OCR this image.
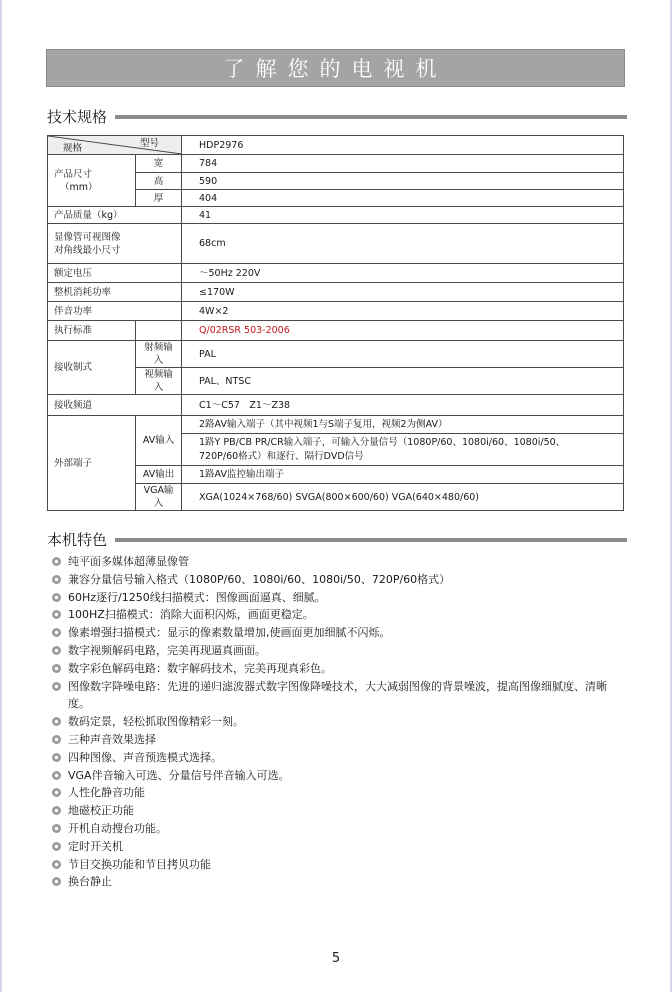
了解您的电视机
技术规格
规格 型号		HDP2976

产品尺寸
（mm）	宽	784
	高	590
	厚	404
产品质量（kg）		41

显像管可视图像
对角线最小尺寸		68cm
额定电压		～50Hz 220V
整机消耗功率		≤170W
伴音功率		4W×2
执行标准		Q/02RSR 503-2006
接收制式	射频输入	PAL
	视频输入	PAL、NTSC
接收频道		C1～C57　Z1～Z38
外部端子	AV输入	2路AV输入端子（其中视频1与S端子复用，视频2为侧AV）
1路Y PB/CB PR/CR输入端子，可输入分量信号（1080P/60、1080i/60、1080i/50、
720P/60格式）和逐行、隔行DVD信号

	AV输出	1路AV监控输出端子
	VGA输入	XGA(1024×768/60) SVGA(800×600/60) VGA(640×480/60)
本机特色
纯平面多媒体超薄显像管
兼容分量信号输入格式（1080P/60、1080i/60、1080i/50、720P/60格式）
60Hz逐行/1250线扫描模式：图像画面逼真、细腻。
100HZ扫描模式：消除大面积闪烁，画面更稳定。
像素增强扫描模式：显示的像素数量增加,使画面更加细腻不闪烁。
数字视频解码电路，完美再现逼真画面。
数字彩色解码电路：数字解码技术，完美再现真彩色。
图像数字降噪电路：先进的递归滤波器式数字图像降噪技术，大大减弱图像的背景噪波，提高图像细腻度、清晰度。
数码定景，轻松抓取图像精彩一刻。
三种声音效果选择
四种图像、声音预选模式选择。
VGA伴音输入可选、分量信号伴音输入可选。
人性化静音功能
地磁校正功能
开机自动搜台功能。
定时开关机
节目交换功能和节目拷贝功能
换台静止
5
